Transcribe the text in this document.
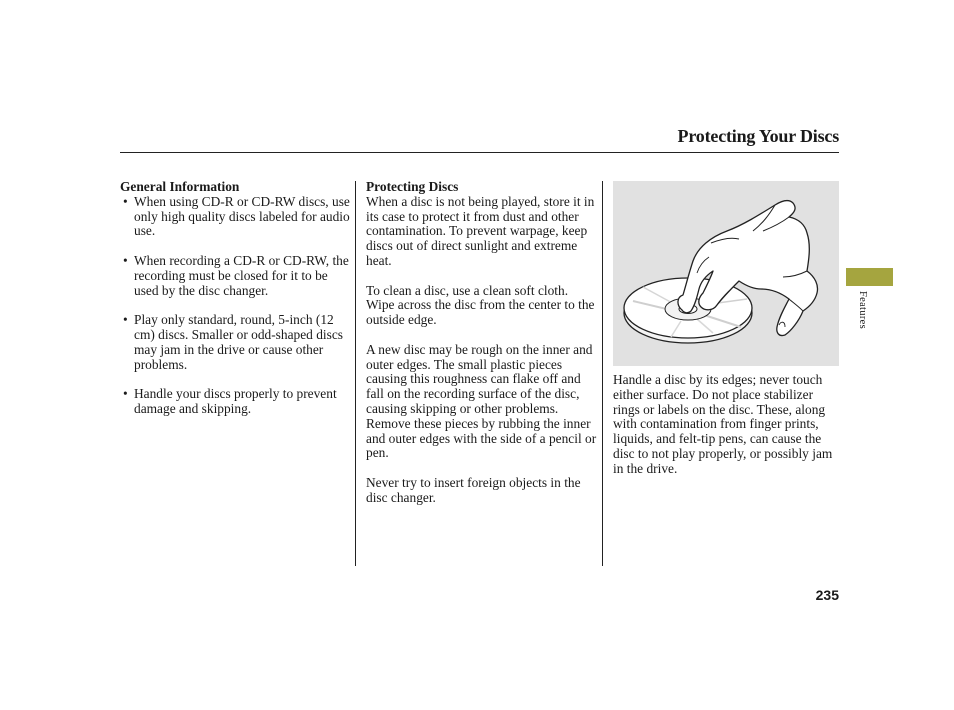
Protecting Your Discs
General Information
• When using CD-R or CD-RW discs, use only high quality discs labeled for audio use.
• When recording a CD-R or CD-RW, the recording must be closed for it to be used by the disc changer.
• Play only standard, round, 5-inch (12 cm) discs. Smaller or odd-shaped discs may jam in the drive or cause other problems.
• Handle your discs properly to prevent damage and skipping.
Protecting Discs

When a disc is not being played, store it in its case to protect it from dust and other contamination. To prevent warpage, keep discs out of direct sunlight and extreme heat.

To clean a disc, use a clean soft cloth. Wipe across the disc from the center to the outside edge.

A new disc may be rough on the inner and outer edges. The small plastic pieces causing this roughness can flake off and fall on the recording surface of the disc, causing skipping or other problems. Remove these pieces by rubbing the inner and outer edges with the side of a pencil or pen.

Never try to insert foreign objects in the disc changer.

Handle a disc by its edges; never touch either surface. Do not place stabilizer rings or labels on the disc. These, along with contamination from finger prints, liquids, and felt-tip pens, can cause the disc to not play properly, or possibly jam in the drive.
Features
235
